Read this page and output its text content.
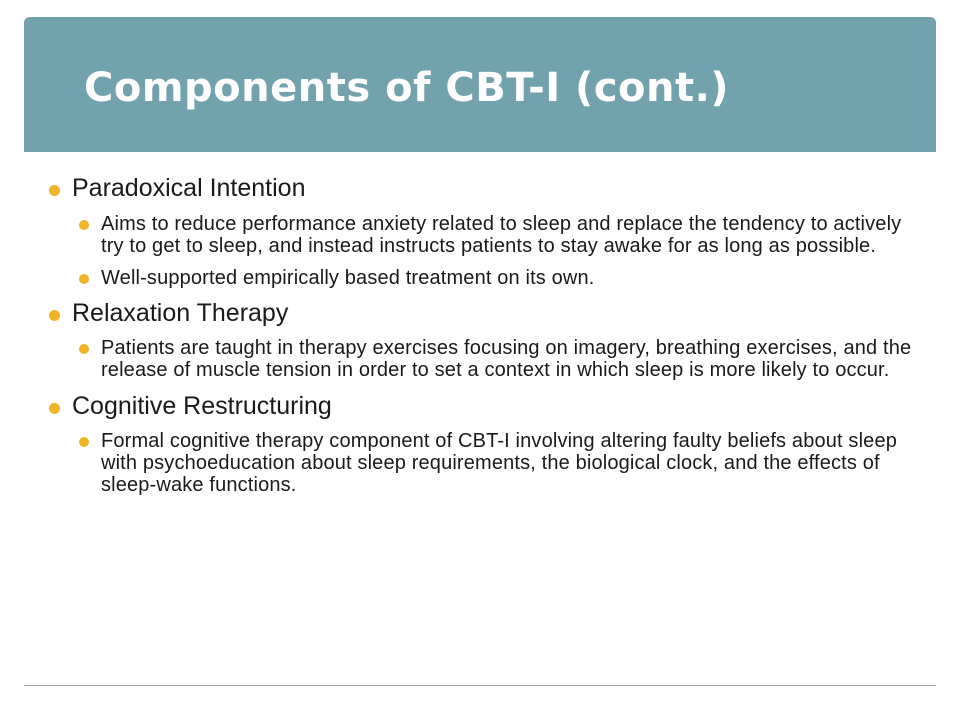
Components of CBT-I (cont.)
Paradoxical Intention
Aims to reduce performance anxiety related to sleep and replace the tendency to actively try to get to sleep, and instead instructs patients to stay awake for as long as possible.
Well-supported empirically based treatment on its own.
Relaxation Therapy
Patients are taught in therapy exercises focusing on imagery, breathing exercises, and the release of muscle tension in order to set a context in which sleep is more likely to occur.
Cognitive Restructuring
Formal cognitive therapy component of CBT-I involving altering faulty beliefs about sleep with psychoeducation about sleep requirements, the biological clock, and the effects of sleep-wake functions.
